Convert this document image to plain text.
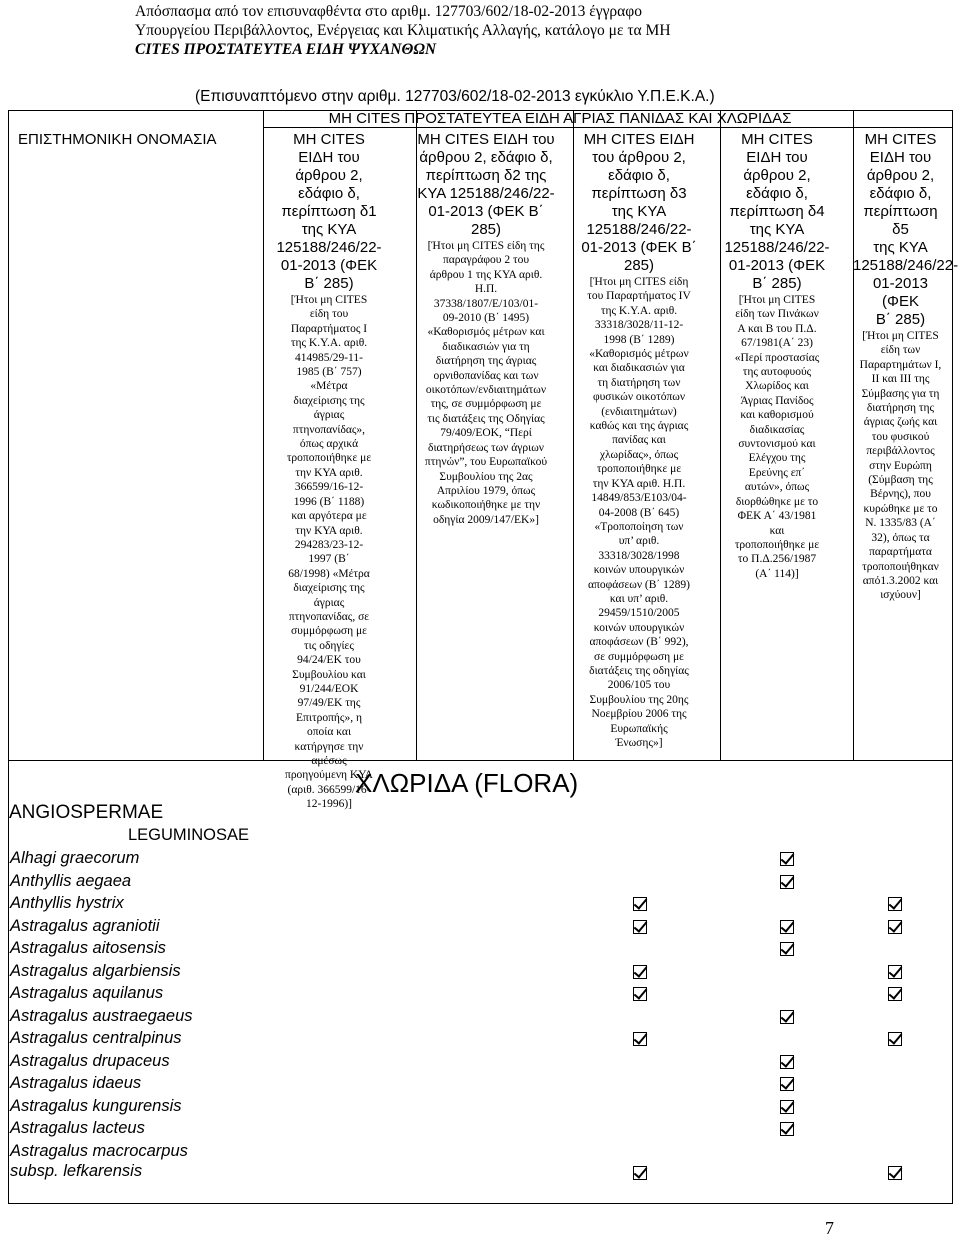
Απόσπασμα από τον επισυναφθέντα στο αριθμ. 127703/602/18-02-2013 έγγραφο
Υπουργείου Περιβάλλοντος, Ενέργειας και Κλιματικής Αλλαγής, κατάλογο με τα ΜΗ
CITES ΠΡΟΣΤΑΤΕΥΤΕΑ ΕΙΔΗ ΨΥΧΑΝΘΩΝ
(Επισυναπτόμενο στην αριθμ. 127703/602/18-02-2013 εγκύκλιο Υ.Π.Ε.Κ.Α.)
ΜΗ CITES ΠΡΟΣΤΑΤΕΥΤΕΑ ΕΙΔΗ ΑΓΡΙΑΣ ΠΑΝΙΔΑΣ ΚΑΙ ΧΛΩΡΙΔΑΣ
ΕΠΙΣΤΗΜΟΝΙΚΗ ΟΝΟΜΑΣΙΑ	ΜΗ CITES
ΕΙΔΗ του
άρθρου 2,
εδάφιο δ,
περίπτωση δ1
της ΚΥΑ
125188/246/22-
01-2013 (ΦΕΚ
Β΄ 285)
[Ήτοι μη CITES
είδη του
Παραρτήματος Ι
της Κ.Υ.Α. αριθ.
414985/29-11-
1985 (Β΄ 757)
«Μέτρα
διαχείρισης της
άγριας
πτηνοπανίδας»,
όπως αρχικά
τροποποιήθηκε με
την ΚΥΑ αριθ.
366599/16-12-
1996 (Β΄ 1188)
και αργότερα με
την ΚΥΑ αριθ.
294283/23-12-
1997 (Β΄
68/1998) «Μέτρα
διαχείρισης της
άγριας
πτηνοπανίδας, σε
συμμόρφωση με
τις οδηγίες
94/24/ΕΚ του
Συμβουλίου και
91/244/ΕΟΚ
97/49/ΕΚ της
Επιτροπής», η
οποία και
κατήργησε την
αμέσως
προηγούμενη ΚΥΑ
(αριθ. 366599/16-
12-1996)]
ΜΗ CITES ΕΙΔΗ του
άρθρου 2, εδάφιο δ,
περίπτωση δ2 της
ΚΥΑ 125188/246/22-
01-2013 (ΦΕΚ Β΄
285)
[Ήτοι μη CITES είδη της
παραγράφου 2 του
άρθρου 1 της ΚΥΑ αριθ.
Η.Π.
37338/1807/Ε/103/01-
09-2010 (Β΄ 1495)
«Καθορισμός μέτρων και
διαδικασιών για τη
διατήρηση της άγριας
ορνιθοπανίδας και των
οικοτόπων/ενδιαιτημάτων
της, σε συμμόρφωση με
τις διατάξεις της Οδηγίας
79/409/ΕΟΚ, “Περί
διατηρήσεως των άγριων
πτηνών”, του Ευρωπαϊκού
Συμβουλίου της 2ας
Απριλίου 1979, όπως
κωδικοποιήθηκε με την
οδηγία 2009/147/ΕΚ»]
ΜΗ CITES ΕΙΔΗ
του άρθρου 2,
εδάφιο δ,
περίπτωση δ3
της ΚΥΑ
125188/246/22-
01-2013 (ΦΕΚ Β΄
285)
[Ήτοι μη CITES είδη
του Παραρτήματος IV
της Κ.Υ.Α. αριθ.
33318/3028/11-12-
1998 (Β΄ 1289)
«Καθορισμός μέτρων
και διαδικασιών για
τη διατήρηση των
φυσικών οικοτόπων
(ενδιαιτημάτων)
καθώς και της άγριας
πανίδας και
χλωρίδας», όπως
τροποποιήθηκε με
την ΚΥΑ αριθ. Η.Π.
14849/853/Ε103/04-
04-2008 (Β΄ 645)
«Τροποποίηση των
υπ’ αριθ.
33318/3028/1998
κοινών υπουργικών
αποφάσεων (Β΄ 1289)
και υπ’ αριθ.
29459/1510/2005
κοινών υπουργικών
αποφάσεων (Β΄ 992),
σε συμμόρφωση με
διατάξεις της οδηγίας
2006/105 του
Συμβουλίου της 20ης
Νοεμβρίου 2006 της
Ευρωπαϊκής
Ένωσης»]
ΜΗ CITES
ΕΙΔΗ του
άρθρου 2,
εδάφιο δ,
περίπτωση δ4
της ΚΥΑ
125188/246/22-
01-2013 (ΦΕΚ
Β΄ 285)
[Ήτοι μη CITES
είδη των Πινάκων
Α και Β του Π.Δ.
67/1981(Α΄ 23)
«Περί προστασίας
της αυτοφυούς
Χλωρίδος και
Άγριας Πανίδος
και καθορισμού
διαδικασίας
συντονισμού και
Ελέγχου της
Ερεύνης επ΄
αυτών», όπως
διορθώθηκε με το
ΦΕΚ Α΄ 43/1981
και
τροποποιήθηκε με
το Π.Δ.256/1987
(Α΄ 114)]
ΜΗ CITES
ΕΙΔΗ του
άρθρου 2,
εδάφιο δ,
περίπτωση δ5
της ΚΥΑ
125188/246/22-
01-2013 (ΦΕΚ
Β΄ 285)
[Ήτοι μη CITES
είδη των
Παραρτημάτων Ι,
ΙΙ και ΙΙΙ της
Σύμβασης για τη
διατήρηση της
άγριας ζωής και
του φυσικού
περιβάλλοντος
στην Ευρώπη
(Σύμβαση της
Βέρνης), που
κυρώθηκε με το
Ν. 1335/83 (Α΄
32), όπως τα
παραρτήματα
τροποποιήθηκαν
από1.3.2002 και
ισχύουν]
ΧΛΩΡΙΔΑ (FLORA)
ANGIOSPERMAE
LEGUMINOSAE
Alhagi graecorum
Anthyllis aegaea
Anthyllis hystrix
Astragalus agraniotii
Astragalus aitosensis
Astragalus algarbiensis
Astragalus aquilanus
Astragalus austraegaeus
Astragalus centralpinus
Astragalus drupaceus
Astragalus idaeus
Astragalus kungurensis
Astragalus lacteus
Astragalus macrocarpus
subsp. lefkarensis
7
